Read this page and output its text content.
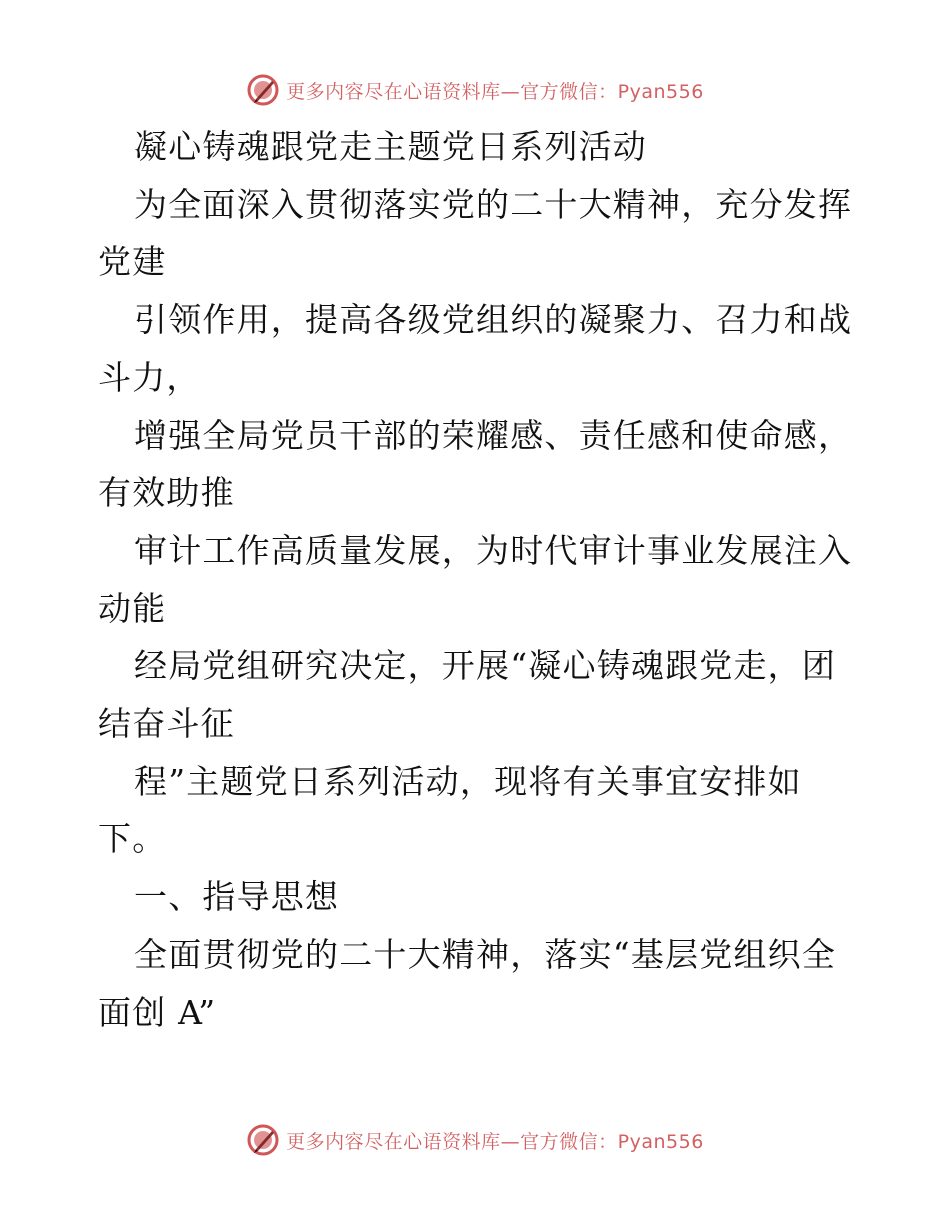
更多内容尽在心语资料库—官方微信：Pyan556

凝心铸魂跟党走主题党日系列活动

为全面深入贯彻落实党的二十大精神，充分发挥党建

引领作用，提高各级党组织的凝聚力、召力和战斗力，

增强全局党员干部的荣耀感、责任感和使命感，有效助推

审计工作高质量发展，为时代审计事业发展注入动能

经局党组研究决定，开展“凝心铸魂跟党走，团结奋斗征

程”主题党日系列活动，现将有关事宜安排如下。

一、指导思想

全面贯彻党的二十大精神，落实“基层党组织全面创 A”

更多内容尽在心语资料库—官方微信：Pyan556
